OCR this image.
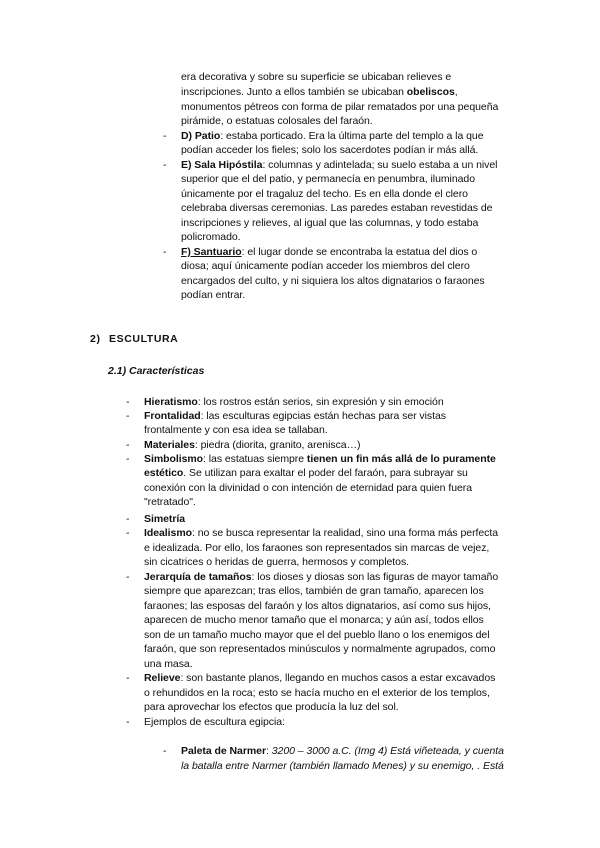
era decorativa y sobre su superficie se ubicaban relieves e
inscripciones. Junto a ellos también se ubicaban obeliscos,
monumentos pétreos con forma de pilar rematados por una pequeña
pirámide, o estatuas colosales del faraón.
- D) Patio: estaba porticado. Era la última parte del templo a la que
podían acceder los fieles; solo los sacerdotes podían ir más allá.
- E) Sala Hipóstila: columnas y adintelada; su suelo estaba a un nivel
superior que el del patio, y permanecía en penumbra, iluminado
únicamente por el tragaluz del techo. Es en ella donde el clero
celebraba diversas ceremonias. Las paredes estaban revestidas de
inscripciones y relieves, al igual que las columnas, y todo estaba
policromado.
- F) Santuario: el lugar donde se encontraba la estatua del dios o
diosa; aquí únicamente podían acceder los miembros del clero
encargados del culto, y ni siquiera los altos dignatarios o faraones
podían entrar.
2) ESCULTURA
2.1) Características
- Hieratismo: los rostros están serios, sin expresión y sin emoción
- Frontalidad: las esculturas egipcias están hechas para ser vistas
frontalmente y con esa idea se tallaban.
- Materiales: piedra (diorita, granito, arenisca…)
- Simbolismo: las estatuas siempre tienen un fin más allá de lo puramente
estético. Se utilizan para exaltar el poder del faraón, para subrayar su
conexión con la divinidad o con intención de eternidad para quien fuera
"retratado".
- Simetría
- Idealismo: no se busca representar la realidad, sino una forma más perfecta
e idealizada. Por ello, los faraones son representados sin marcas de vejez,
sin cicatrices o heridas de guerra, hermosos y completos.
- Jerarquía de tamaños: los dioses y diosas son las figuras de mayor tamaño
siempre que aparezcan; tras ellos, también de gran tamaño, aparecen los
faraones; las esposas del faraón y los altos dignatarios, así como sus hijos,
aparecen de mucho menor tamaño que el monarca; y aún así, todos ellos
son de un tamaño mucho mayor que el del pueblo llano o los enemigos del
faraón, que son representados minúsculos y normalmente agrupados, como
una masa.
- Relieve: son bastante planos, llegando en muchos casos a estar excavados
o rehundidos en la roca; esto se hacía mucho en el exterior de los templos,
para aprovechar los efectos que producía la luz del sol.
- Ejemplos de escultura egipcia:
- Paleta de Narmer: 3200 – 3000 a.C. (Img 4) Está viñeteada, y cuenta
la batalla entre Narmer (también llamado Menes) y su enemigo, . Está
